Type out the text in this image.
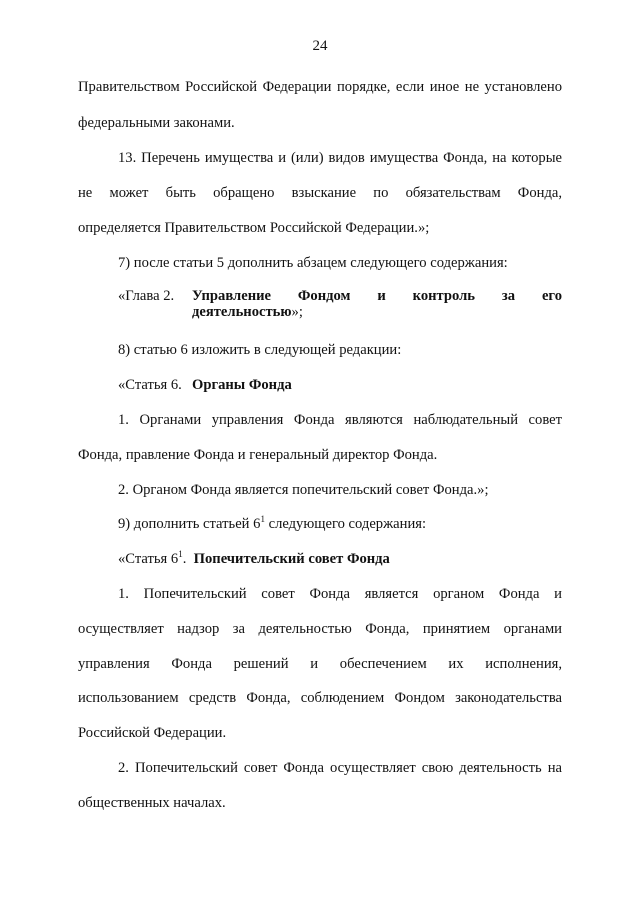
24
Правительством Российской Федерации порядке, если иное не установлено
федеральными законами.
13. Перечень имущества и (или) видов имущества Фонда, на которые
не может быть обращено взыскание по обязательствам Фонда,
определяется Правительством Российской Федерации.»;
7) после статьи 5 дополнить абзацем следующего содержания:
«Глава 2.	Управление Фондом и контроль за его
деятельностью»;
8) статью 6 изложить в следующей редакции:
«Статья 6. Органы Фонда
1. Органами управления Фонда являются наблюдательный совет
Фонда, правление Фонда и генеральный директор Фонда.
2. Органом Фонда является попечительский совет Фонда.»;
9) дополнить статьей $6^1$ следующего содержания:
«Статья $6^1$. Попечительский совет Фонда
1. Попечительский совет Фонда является органом Фонда и
осуществляет надзор за деятельностью Фонда, принятием органами
управления Фонда решений и обеспечением их исполнения,
использованием средств Фонда, соблюдением Фондом законодательства
Российской Федерации.
2. Попечительский совет Фонда осуществляет свою деятельность на
общественных началах.
